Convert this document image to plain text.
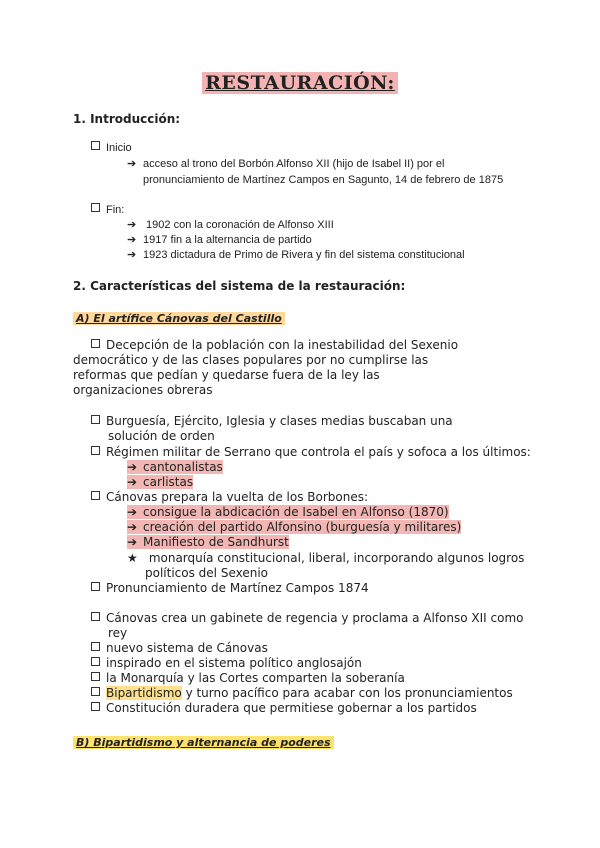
RESTAURACIÓN:
1. Introducción:
Inicio
➔ acceso al trono del Borbón Alfonso XII (hijo de Isabel II) por el
pronunciamiento de Martínez Campos en Sagunto, 14 de febrero de 1875
Fin:
➔ 1902 con la coronación de Alfonso XIII
➔ 1917 fin a la alternancia de partido
➔ 1923 dictadura de Primo de Rivera y fin del sistema constitucional
2. Características del sistema de la restauración:
A) El artífice Cánovas del Castillo
Decepción de la población con la inestabilidad del Sexenio
democrático y de las clases populares por no cumplirse las
reformas que pedían y quedarse fuera de la ley las
organizaciones obreras
Burguesía, Ejército, Iglesia y clases medias buscaban una
solución de orden
Régimen militar de Serrano que controla el país y sofoca a los últimos:
➔ cantonalistas
➔ carlistas
Cánovas prepara la vuelta de los Borbones:
➔ consigue la abdicación de Isabel en Alfonso (1870)
➔ creación del partido Alfonsino (burguesía y militares)
➔ Manifiesto de Sandhurst
★ monarquía constitucional, liberal, incorporando algunos logros
políticos del Sexenio
Pronunciamiento de Martínez Campos 1874
Cánovas crea un gabinete de regencia y proclama a Alfonso XII como
rey
nuevo sistema de Cánovas
inspirado en el sistema político anglosajón
la Monarquía y las Cortes comparten la soberanía
Bipartidismo y turno pacífico para acabar con los pronunciamientos
Constitución duradera que permitiese gobernar a los partidos
B) Bipartidismo y alternancia de poderes
